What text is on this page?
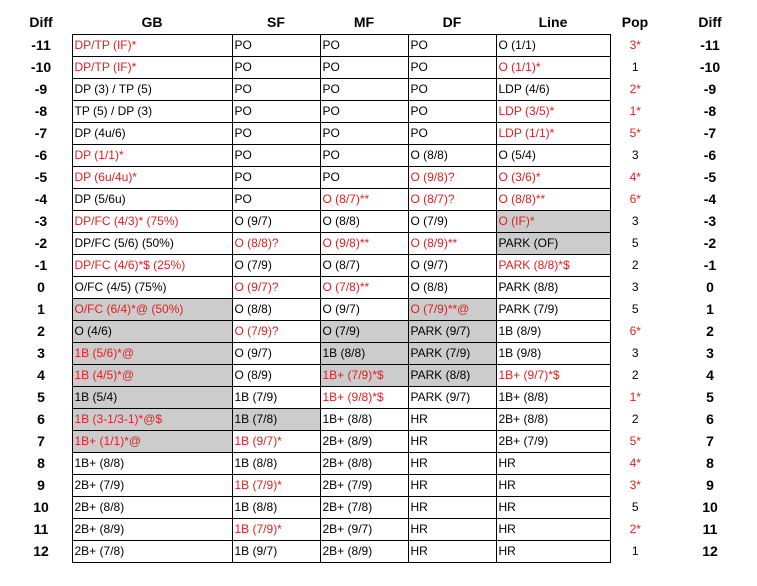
Diff		GB	SF	MF	DF	Line	Pop		Diff
-11		DP/TP (IF)*	PO	PO	PO	O (1/1)	3*		-11
-10		DP/TP (IF)*	PO	PO	PO	O (1/1)*	1		-10
-9		DP (3) / TP (5)	PO	PO	PO	LDP (4/6)	2*		-9
-8		TP (5) / DP (3)	PO	PO	PO	LDP (3/5)*	1*		-8
-7		DP (4u/6)	PO	PO	PO	LDP (1/1)*	5*		-7
-6		DP (1/1)*	PO	PO	O (8/8)	O (5/4)	3		-6
-5		DP (6u/4u)*	PO	PO	O (9/8)?	O (3/6)*	4*		-5
-4		DP (5/6u)	PO	O (8/7)**	O (8/7)?	O (8/8)**	6*		-4
-3		DP/FC (4/3)* (75%)	O (9/7)	O (8/8)	O (7/9)	O (IF)*	3		-3
-2		DP/FC (5/6) (50%)	O (8/8)?	O (9/8)**	O (8/9)**	PARK (OF)	5		-2
-1		DP/FC (4/6)*$ (25%)	O (7/9)	O (8/7)	O (9/7)	PARK (8/8)*$	2		-1
0		O/FC (4/5) (75%)	O (9/7)?	O (7/8)**	O (8/8)	PARK (8/8)	3		0
1		O/FC (6/4)*@ (50%)	O (8/8)	O (9/7)	O (7/9)**@	PARK (7/9)	5		1
2		O (4/6)	O (7/9)?	O (7/9)	PARK (9/7)	1B (8/9)	6*		2
3		1B (5/6)*@	O (9/7)	1B (8/8)	PARK (7/9)	1B (9/8)	3		3
4		1B (4/5)*@	O (8/9)	1B+ (7/9)*$	PARK (8/8)	1B+ (9/7)*$	2		4
5		1B (5/4)	1B (7/9)	1B+ (9/8)*$	PARK (9/7)	1B+ (8/8)	1*		5
6		1B (3-1/3-1)*@$	1B (7/8)	1B+ (8/8)	HR	2B+ (8/8)	2		6
7		1B+ (1/1)*@	1B (9/7)*	2B+ (8/9)	HR	2B+ (7/9)	5*		7
8		1B+ (8/8)	1B (8/8)	2B+ (8/8)	HR	HR	4*		8
9		2B+ (7/9)	1B (7/9)*	2B+ (7/9)	HR	HR	3*		9
10		2B+ (8/8)	1B (8/8)	2B+ (7/8)	HR	HR	5		10
11		2B+ (8/9)	1B (7/9)*	2B+ (9/7)	HR	HR	2*		11
12		2B+ (7/8)	1B (9/7)	2B+ (8/9)	HR	HR	1		12
